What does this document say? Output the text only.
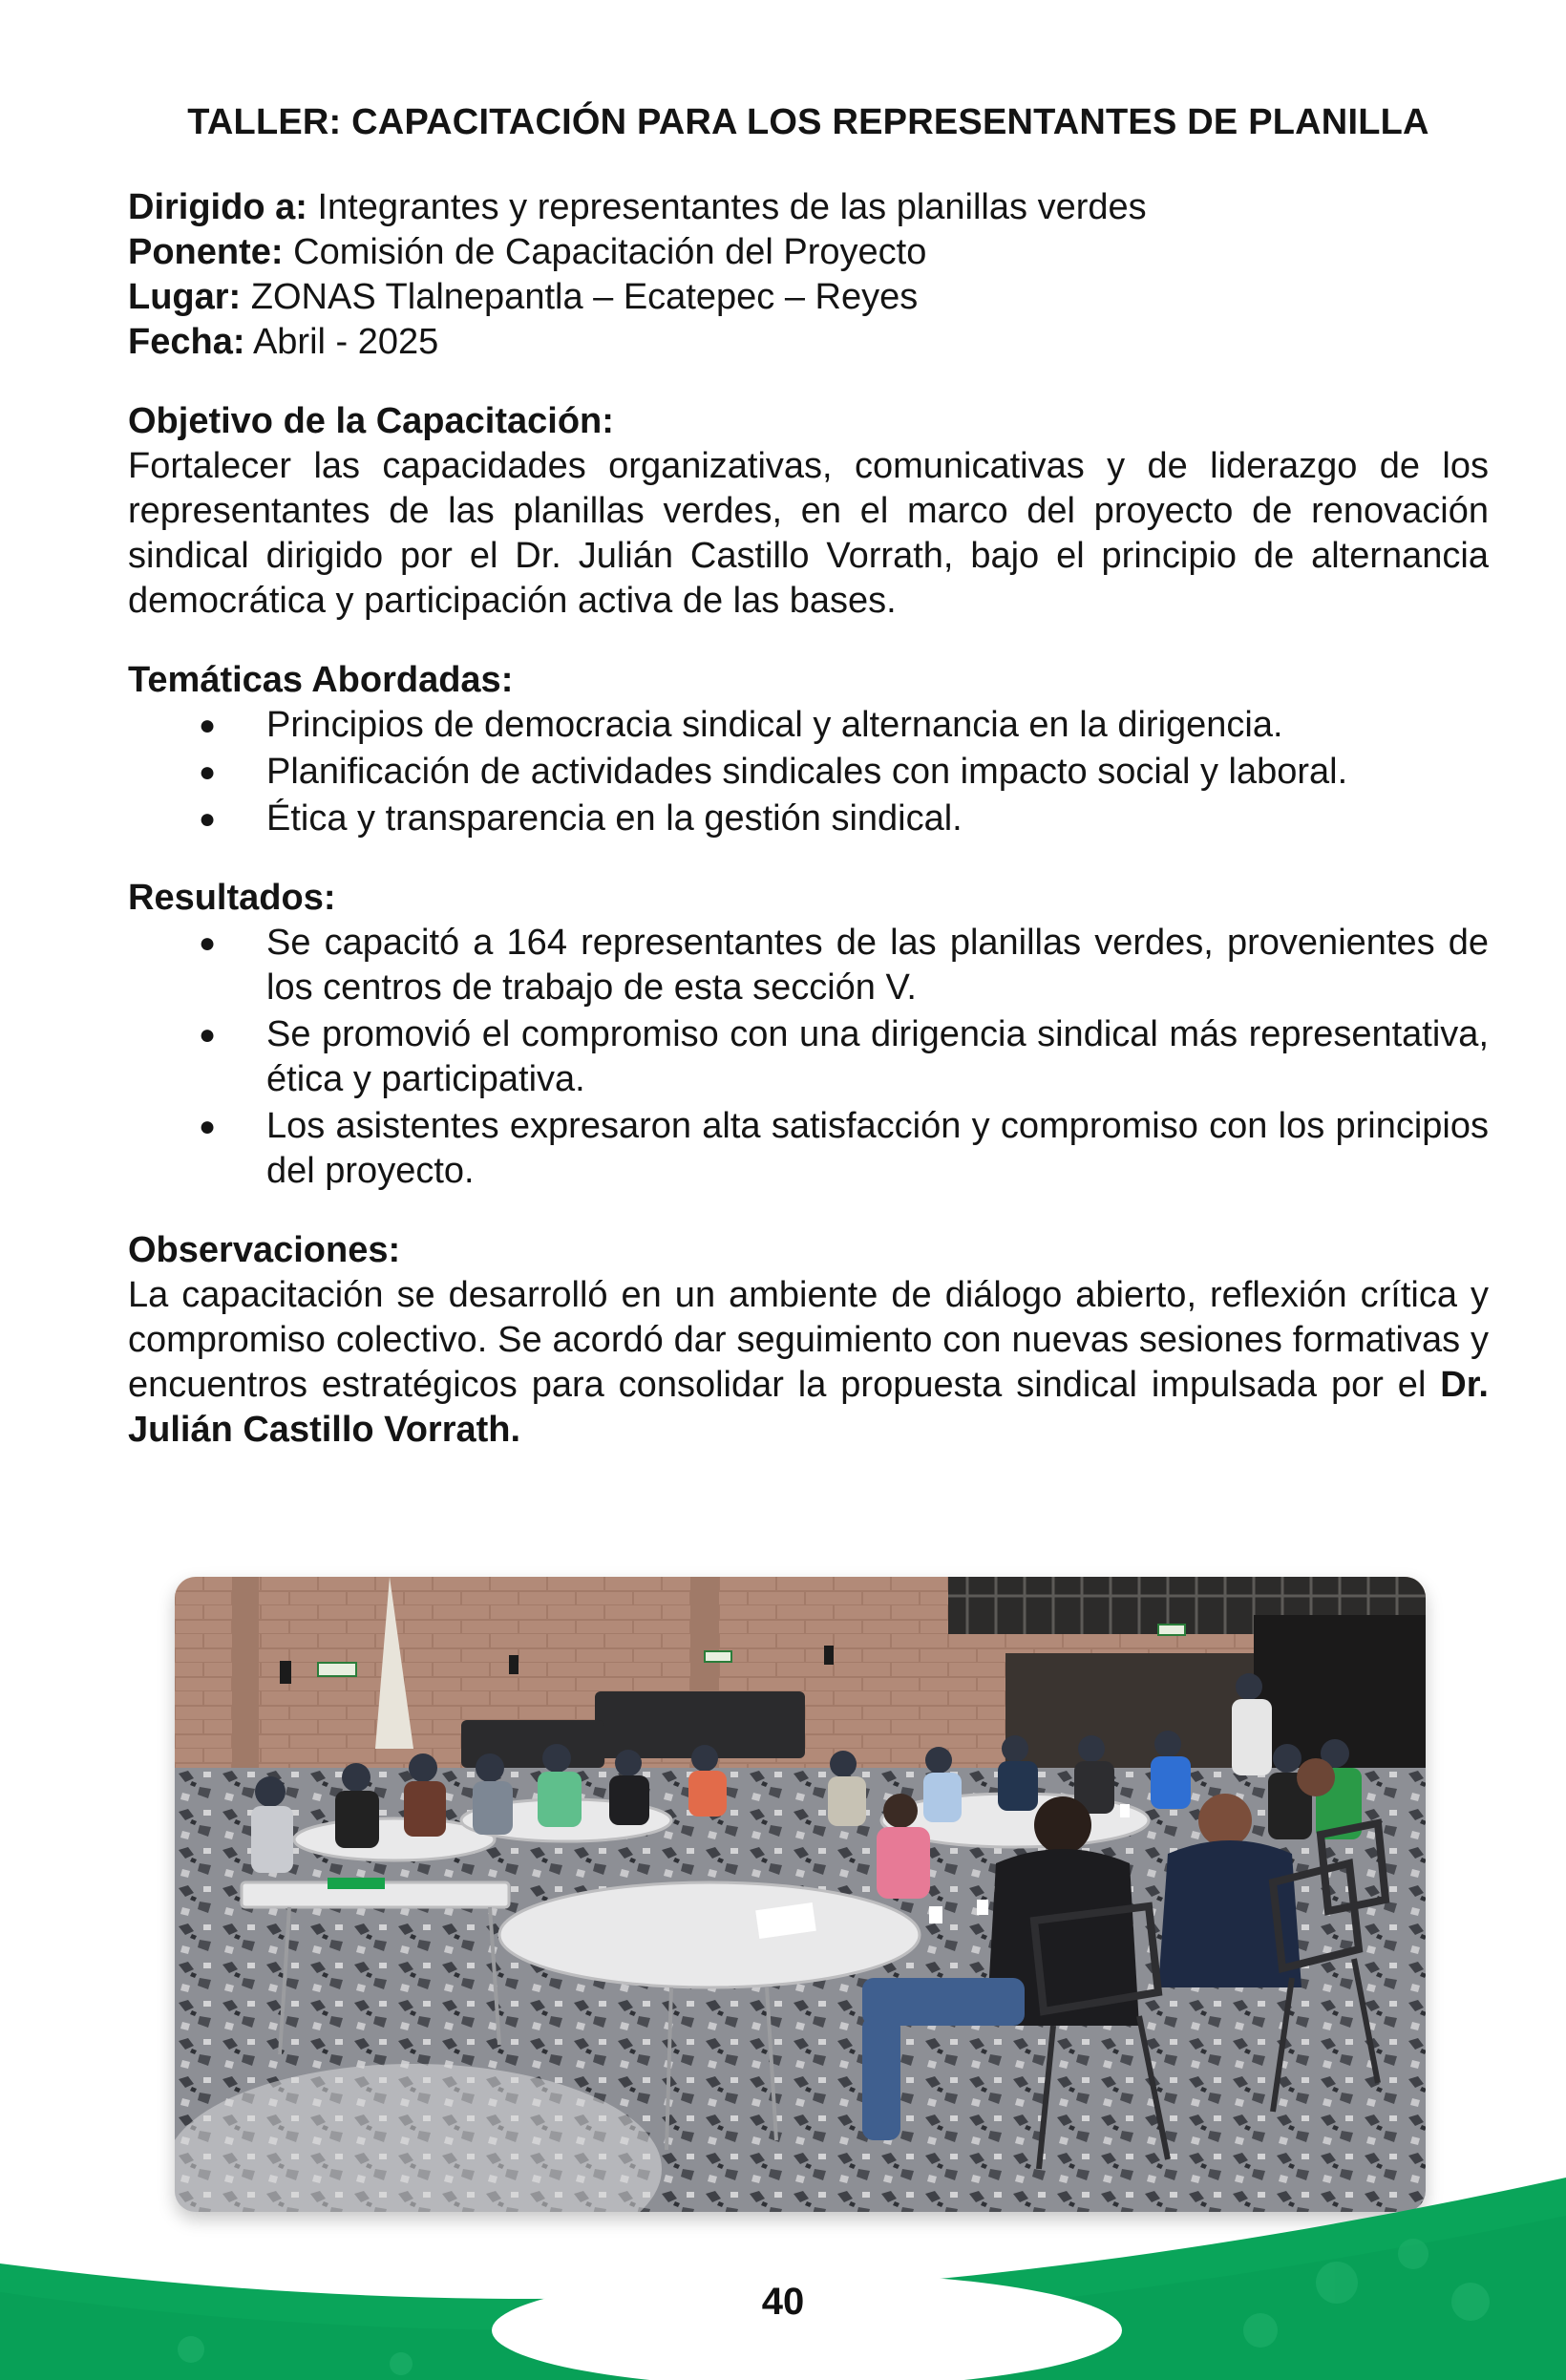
TALLER: CAPACITACIÓN PARA LOS REPRESENTANTES DE PLANILLA
Dirigido a: Integrantes y representantes de las planillas verdes
Ponente: Comisión de Capacitación del Proyecto
Lugar: ZONAS Tlalnepantla – Ecatepec – Reyes
Fecha: Abril - 2025
Objetivo de la Capacitación:

Fortalecer las capacidades organizativas, comunicativas y de liderazgo de los representantes de las planillas verdes, en el marco del proyecto de renovación sindical dirigido por el Dr. Julián Castillo Vorrath, bajo el principio de alternancia democrática y participación activa de las bases.

Temáticas Abordadas:
● Principios de democracia sindical y alternancia en la dirigencia.
● Planificación de actividades sindicales con impacto social y laboral.
● Ética y transparencia en la gestión sindical.
Resultados:
● Se capacitó a 164 representantes de las planillas verdes, provenientes de los centros de trabajo de esta sección V.
● Se promovió el compromiso con una dirigencia sindical más representativa, ética y participativa.
● Los asistentes expresaron alta satisfacción y compromiso con los principios del proyecto.
Observaciones:

La capacitación se desarrolló en un ambiente de diálogo abierto, reflexión crítica y compromiso colectivo. Se acordó dar seguimiento con nuevas sesiones formativas y encuentros estratégicos para consolidar la propuesta sindical impulsada por el Dr. Julián Castillo Vorrath.

40
